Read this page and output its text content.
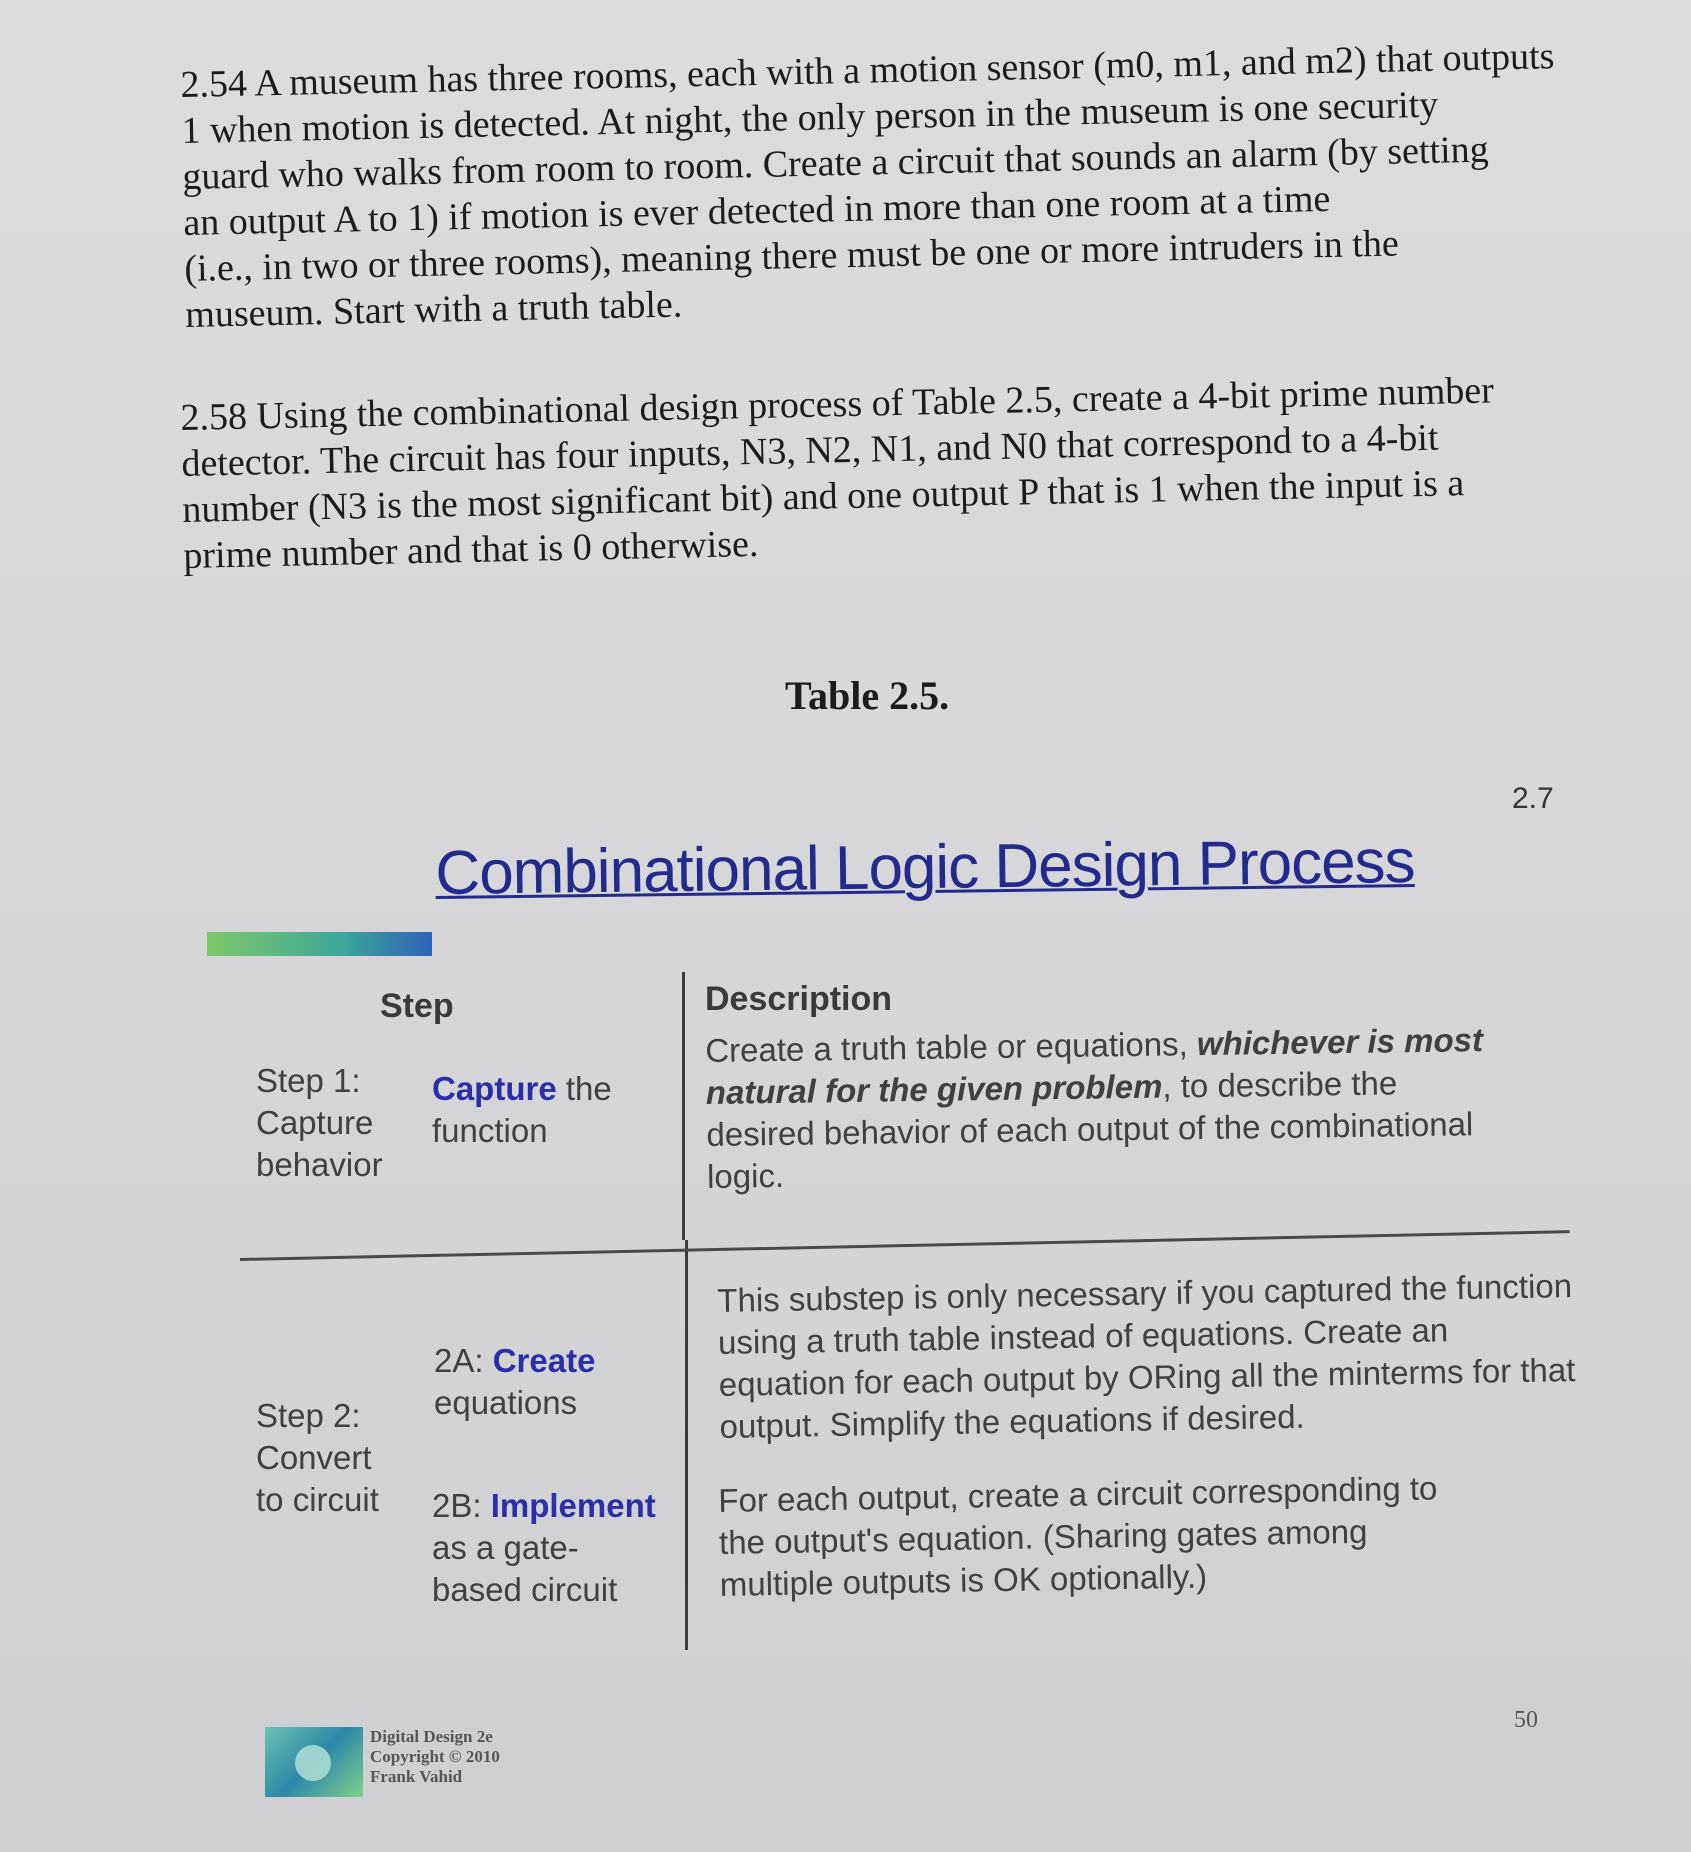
2.54 A museum has three rooms, each with a motion sensor (m0, m1, and m2) that outputs
1 when motion is detected. At night, the only person in the museum is one security
guard who walks from room to room. Create a circuit that sounds an alarm (by setting
an output A to 1) if motion is ever detected in more than one room at a time
(i.e., in two or three rooms), meaning there must be one or more intruders in the
museum. Start with a truth table.

2.58 Using the combinational design process of Table 2.5, create a 4-bit prime number
detector. The circuit has four inputs, N3, N2, N1, and N0 that correspond to a 4-bit
number (N3 is the most significant bit) and one output P that is 1 when the input is a
prime number and that is 0 otherwise.

Table 2.5.
2.7
Combinational Logic Design Process
Step	Description
Step 1:
Capture
behavior
Capture the
function
Create a truth table or equations, whichever is most natural for the given problem, to describe the desired behavior of each output of the combinational logic.
Step 2:
Convert
to circuit
2A: Create
equations
This substep is only necessary if you captured the function using a truth table instead of equations. Create an equation for each output by ORing all the minterms for that output. Simplify the equations if desired.
2B: Implement
as a gate-
based circuit
For each output, create a circuit corresponding to the output's equation. (Sharing gates among multiple outputs is OK optionally.)
Digital Design 2e
Copyright © 2010
Frank Vahid
50
